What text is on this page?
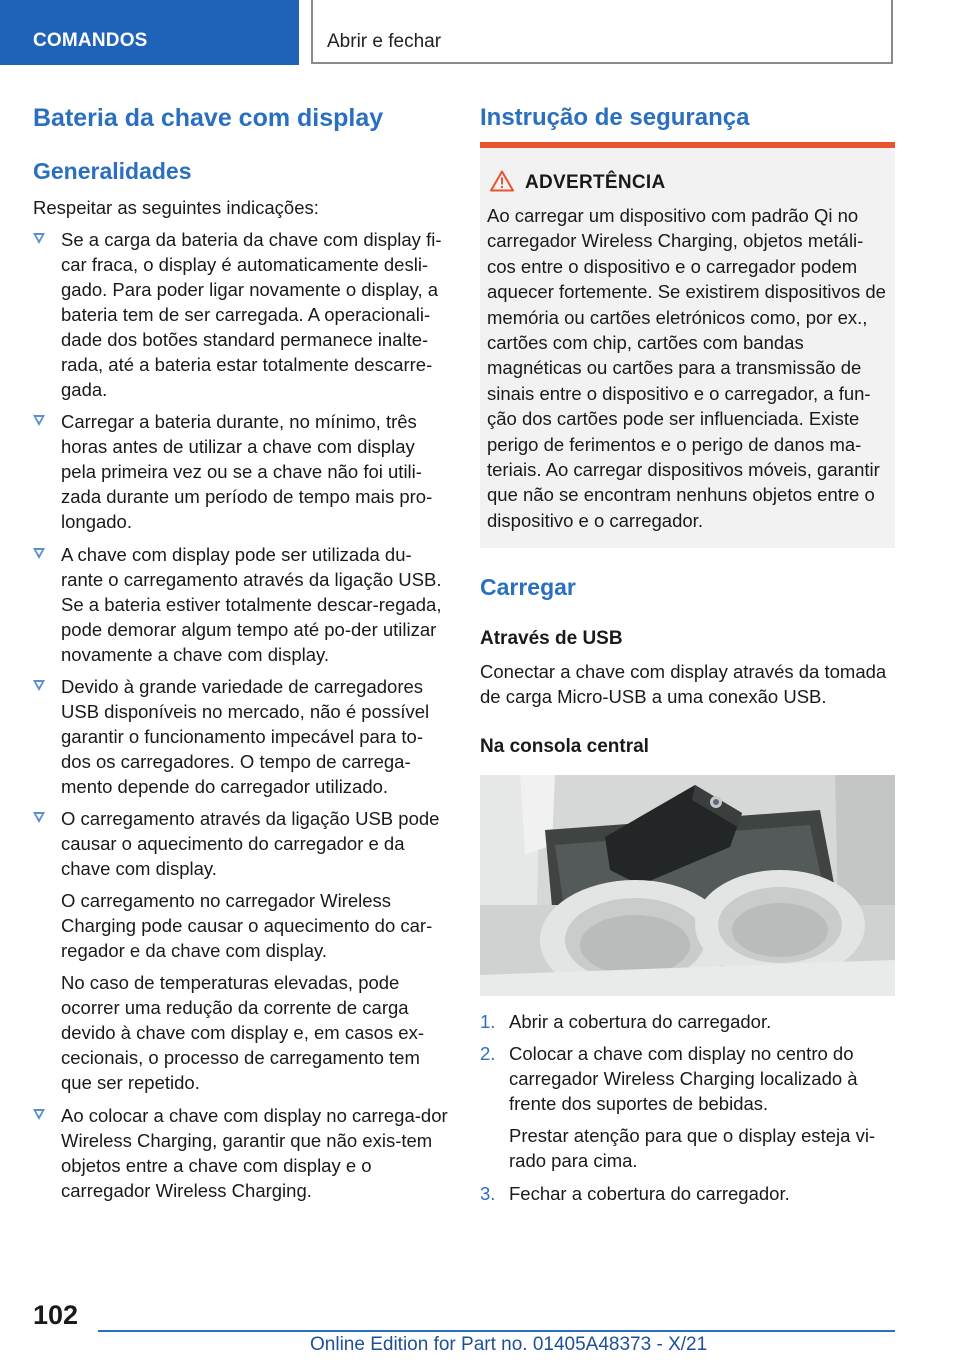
COMANDOS	Abrir e fechar
Bateria da chave com display
Generalidades
Respeitar as seguintes indicações:
Se a carga da bateria da chave com display fi-car fraca, o display é automaticamente desli-gado. Para poder ligar novamente o display, a bateria tem de ser carregada. A operacionali-dade dos botões standard permanece inalte-rada, até a bateria estar totalmente descarre-gada.
Carregar a bateria durante, no mínimo, três horas antes de utilizar a chave com display pela primeira vez ou se a chave não foi utili-zada durante um período de tempo mais pro-longado.
A chave com display pode ser utilizada du-rante o carregamento através da ligação USB. Se a bateria estiver totalmente descar-regada, pode demorar algum tempo até po-der utilizar novamente a chave com display.
Devido à grande variedade de carregadores USB disponíveis no mercado, não é possível garantir o funcionamento impecável para to-dos os carregadores. O tempo de carrega-mento depende do carregador utilizado.
O carregamento através da ligação USB pode causar o aquecimento do carregador e da chave com display.
O carregamento no carregador Wireless Charging pode causar o aquecimento do car-regador e da chave com display.
No caso de temperaturas elevadas, pode ocorrer uma redução da corrente de carga devido à chave com display e, em casos ex-cecionais, o processo de carregamento tem que ser repetido.
Ao colocar a chave com display no carrega-dor Wireless Charging, garantir que não exis-tem objetos entre a chave com display e o carregador Wireless Charging.
Instrução de segurança
ADVERTÊNCIA
Ao carregar um dispositivo com padrão Qi no carregador Wireless Charging, objetos metáli-cos entre o dispositivo e o carregador podem aquecer fortemente. Se existirem dispositivos de memória ou cartões eletrónicos como, por ex., cartões com chip, cartões com bandas magnéticas ou cartões para a transmissão de sinais entre o dispositivo e o carregador, a fun-ção dos cartões pode ser influenciada. Existe perigo de ferimentos e o perigo de danos ma-teriais. Ao carregar dispositivos móveis, garantir que não se encontram nenhuns objetos entre o dispositivo e o carregador.
Carregar
Através de USB
Conectar a chave com display através da tomada de carga Micro-USB a uma conexão USB.
Na consola central
1. Abrir a cobertura do carregador.
2. Colocar a chave com display no centro do carregador Wireless Charging localizado à frente dos suportes de bebidas.
Prestar atenção para que o display esteja vi-rado para cima.
3. Fechar a cobertura do carregador.
102
Online Edition for Part no. 01405A48373 - X/21
